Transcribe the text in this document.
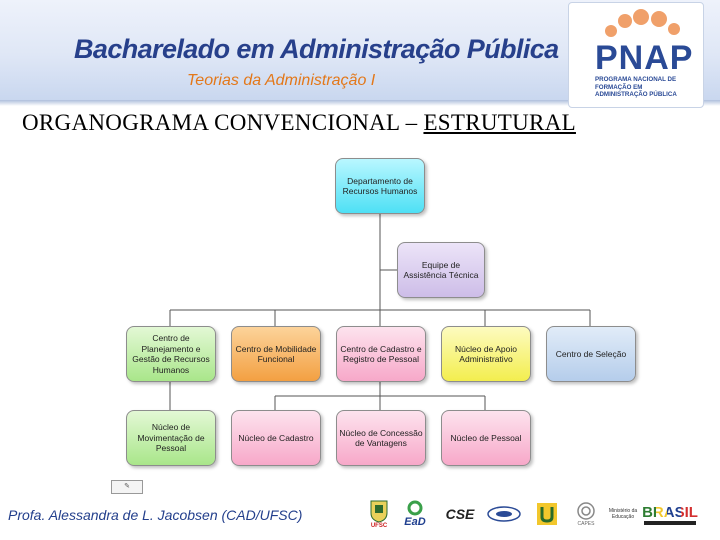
Bacharelado em Administração Pública
Teorias da Administração I
PNAP
PROGRAMA NACIONAL DE FORMAÇÃO EM ADMINISTRAÇÃO PÚBLICA
ORGANOGRAMA CONVENCIONAL – ESTRUTURAL
Departamento de Recursos Humanos
Equipe de Assistência Técnica
Centro de Planejamento e Gestão de Recursos Humanos
Centro de Mobilidade Funcional
Centro de Cadastro e Registro de Pessoal
Núcleo de Apoio Administrativo
Centro de Seleção
Núcleo de Movimentação de Pessoal
Núcleo de Cadastro
Núcleo de Concessão de Vantagens
Núcleo de Pessoal
✎
Profa. Alessandra de L. Jacobsen (CAD/UFSC)
UFSC EaD CSE
CAPES
Ministério da Educação BRASIL
